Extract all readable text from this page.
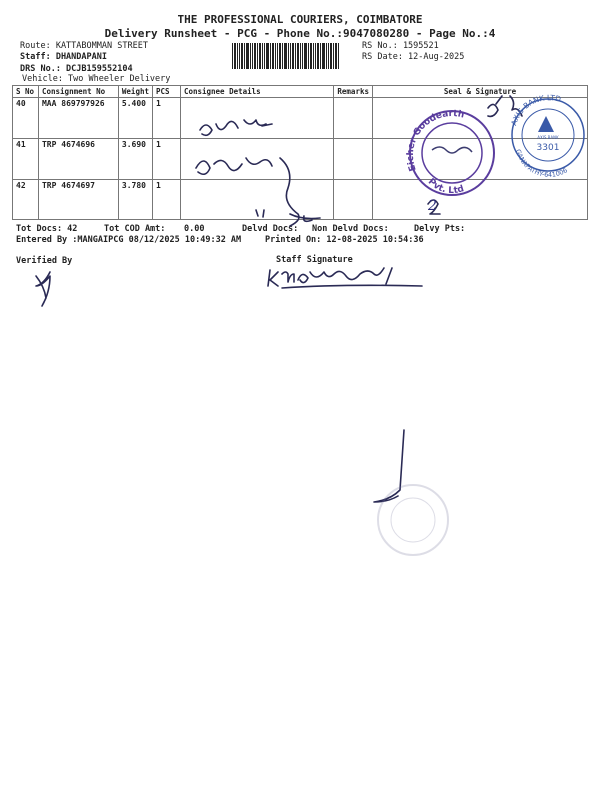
THE PROFESSIONAL COURIERS, COIMBATORE
Delivery Runsheet - PCG - Phone No.:9047080280 - Page No.:4
Route: KATTABOMMAN STREET
Staff: DHANDAPANI
DRS No.: DCJB159552104
Vehicle: Two Wheeler Delivery
RS No.: 1595521
RS Date: 12-Aug-2025
S No	Consignment No	Weight	PCS	Consignee Details	Remarks	Seal & Signature
40	MAA 869797926	5.400	1			
41	TRP 4674696	3.690	1			
42	TRP 4674697	3.780	1			
Tot Docs: 42	Tot COD Amt: 0.00	Delvd Docs: Non Delvd Docs:	Delvy Pts:
Entered By :MANGAIPCG 08/12/2025 10:49:32 AM	Printed On: 12-08-2025 10:54:36
Verified By	Staff Signature
Eicher Goodearth
Pvt. Ltd
AXIS BANK LTD
GANAPATHY-641006
AXIS BANK
3301
2
